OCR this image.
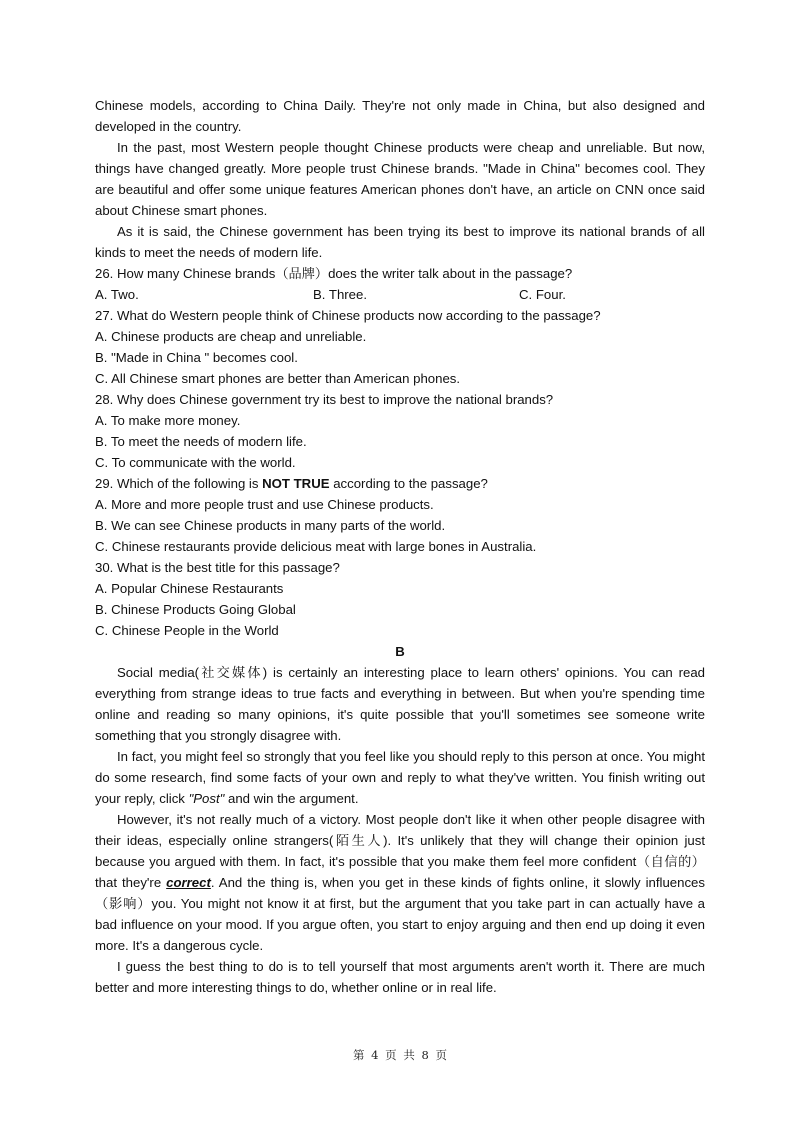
Chinese models, according to China Daily. They're not only made in China, but also designed and developed in the country.

In the past, most Western people thought Chinese products were cheap and unreliable. But now, things have changed greatly. More people trust Chinese brands. "Made in China" becomes cool. They are beautiful and offer some unique features American phones don't have, an article on CNN once said about Chinese smart phones.

As it is said, the Chinese government has been trying its best to improve its national brands of all kinds to meet the needs of modern life.

26. How many Chinese brands（品牌）does the writer talk about in the passage?

A. Two.	B. Three.	C. Four.

27. What do Western people think of Chinese products now according to the passage?

A. Chinese products are cheap and unreliable.

B. "Made in China " becomes cool.

C. All Chinese smart phones are better than American phones.

28. Why does Chinese government try its best to improve the national brands?

A. To make more money.

B. To meet the needs of modern life.

C. To communicate with the world.

29. Which of the following is NOT TRUE according to the passage?

A. More and more people trust and use Chinese products.

B. We can see Chinese products in many parts of the world.

C. Chinese restaurants provide delicious meat with large bones in Australia.

30. What is the best title for this passage?

A. Popular Chinese Restaurants

B. Chinese Products Going Global

C. Chinese People in the World

B

Social media(社交媒体) is certainly an interesting place to learn others' opinions. You can read everything from strange ideas to true facts and everything in between. But when you're spending time online and reading so many opinions, it's quite possible that you'll sometimes see someone write something that you strongly disagree with.

In fact, you might feel so strongly that you feel like you should reply to this person at once. You might do some research, find some facts of your own and reply to what they've written. You finish writing out your reply, click "Post" and win the argument.

However, it's not really much of a victory. Most people don't like it when other people disagree with their ideas, especially online strangers(陌生人). It's unlikely that they will change their opinion just because you argued with them. In fact, it's possible that you make them feel more confident（自信的）that they're correct. And the thing is, when you get in these kinds of fights online, it slowly influences（影响）you. You might not know it at first, but the argument that you take part in can actually have a bad influence on your mood. If you argue often, you start to enjoy arguing and then end up doing it even more. It's a dangerous cycle.

I guess the best thing to do is to tell yourself that most arguments aren't worth it. There are much better and more interesting things to do, whether online or in real life.

第 4 页 共 8 页
